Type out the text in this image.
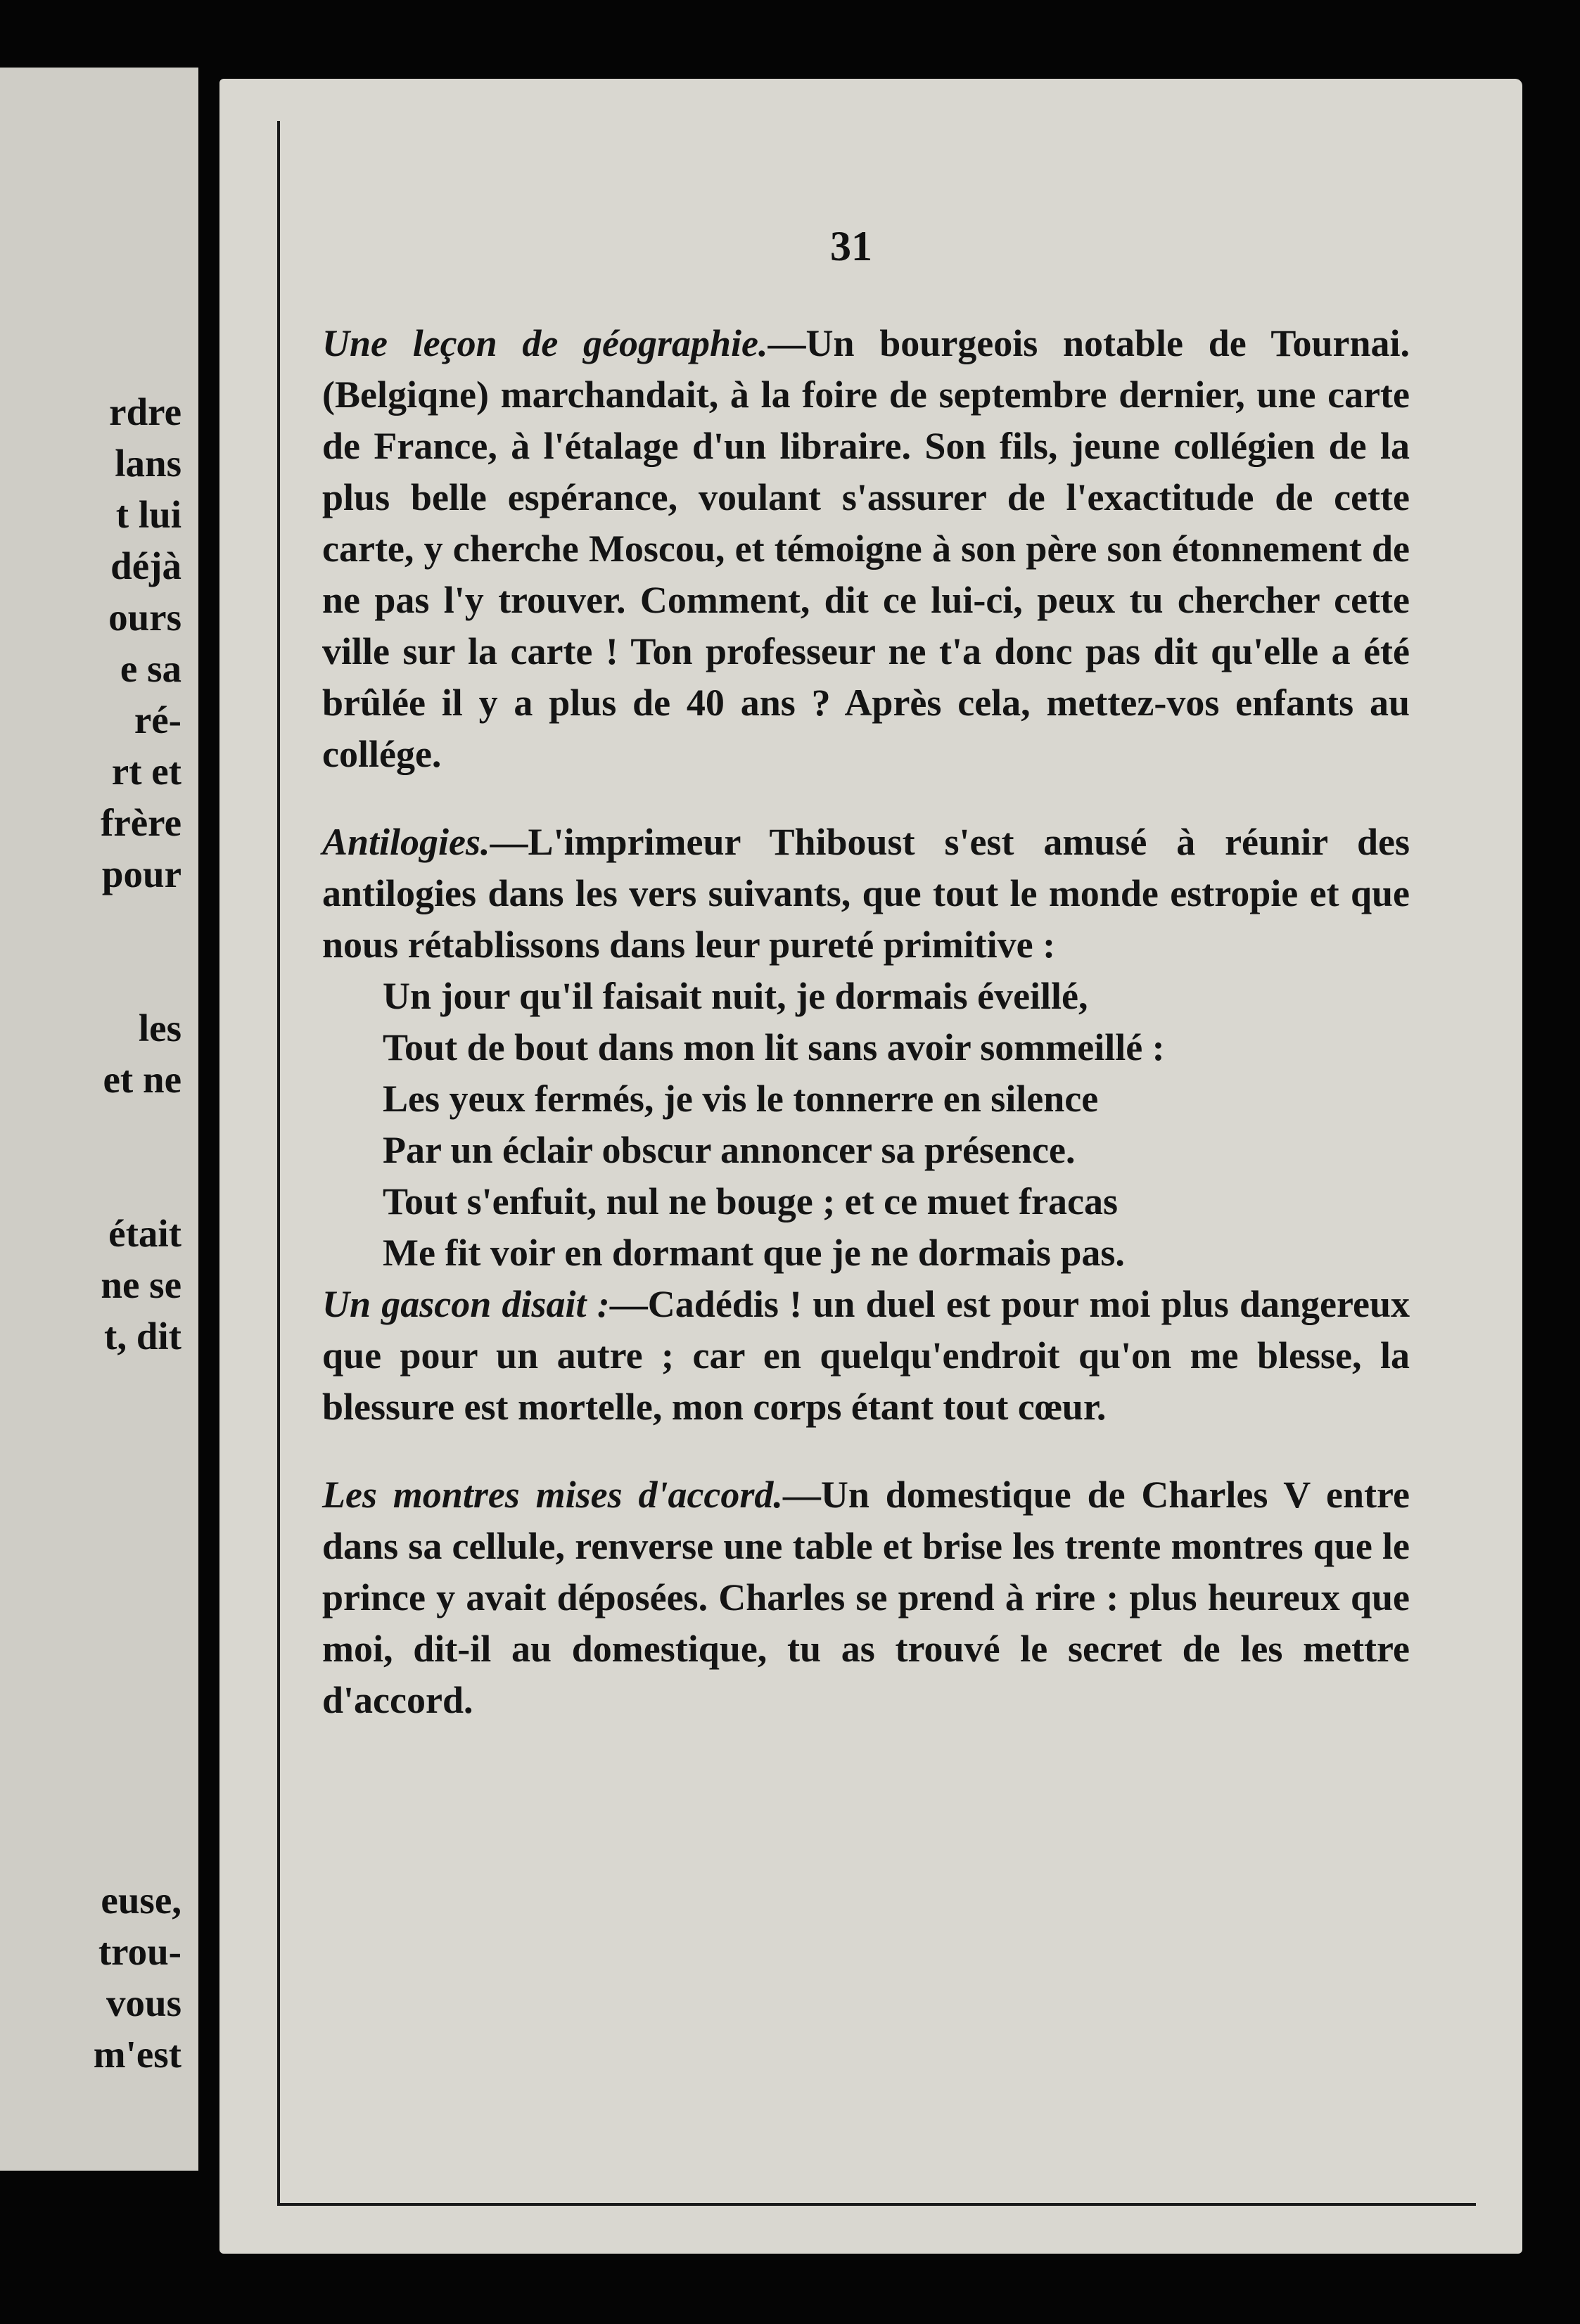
rdre
lans
t lui
déjà
ours
e sa
ré-
rt et
frère
pour
les
et ne
était
ne se
t, dit
euse,
trou-
vous
m'est
31

Une leçon de géographie.—Un bourgeois notable de Tournai.(Belgiqne) marchandait, à la foire de septembre dernier, une carte de France, à l'étalage d'un libraire. Son fils, jeune collégien de la plus belle espérance, voulant s'assurer de l'exactitude de cette carte, y cherche Moscou, et témoigne à son père son étonnement de ne pas l'y trouver. Comment, dit ce lui-ci, peux tu chercher cette ville sur la carte ! Ton professeur ne t'a donc pas dit qu'elle a été brûlée il y a plus de 40 ans ? Après cela, mettez-vos enfants au collége.

Antilogies.—L'imprimeur Thiboust s'est amusé à réunir des antilogies dans les vers suivants, que tout le monde estropie et que nous rétablissons dans leur pureté primitive :

Un jour qu'il faisait nuit, je dormais éveillé,
Tout de bout dans mon lit sans avoir sommeillé :
Les yeux fermés, je vis le tonnerre en silence
Par un éclair obscur annoncer sa présence.
Tout s'enfuit, nul ne bouge ; et ce muet fracas
Me fit voir en dormant que je ne dormais pas.

Un gascon disait :—Cadédis ! un duel est pour moi plus dangereux que pour un autre ; car en quelqu'endroit qu'on me blesse, la blessure est mortelle, mon corps étant tout cœur.

Les montres mises d'accord.—Un domestique de Charles V entre dans sa cellule, renverse une table et brise les trente montres que le prince y avait déposées. Charles se prend à rire : plus heureux que moi, dit-il au domestique, tu as trouvé le secret de les mettre d'accord.
